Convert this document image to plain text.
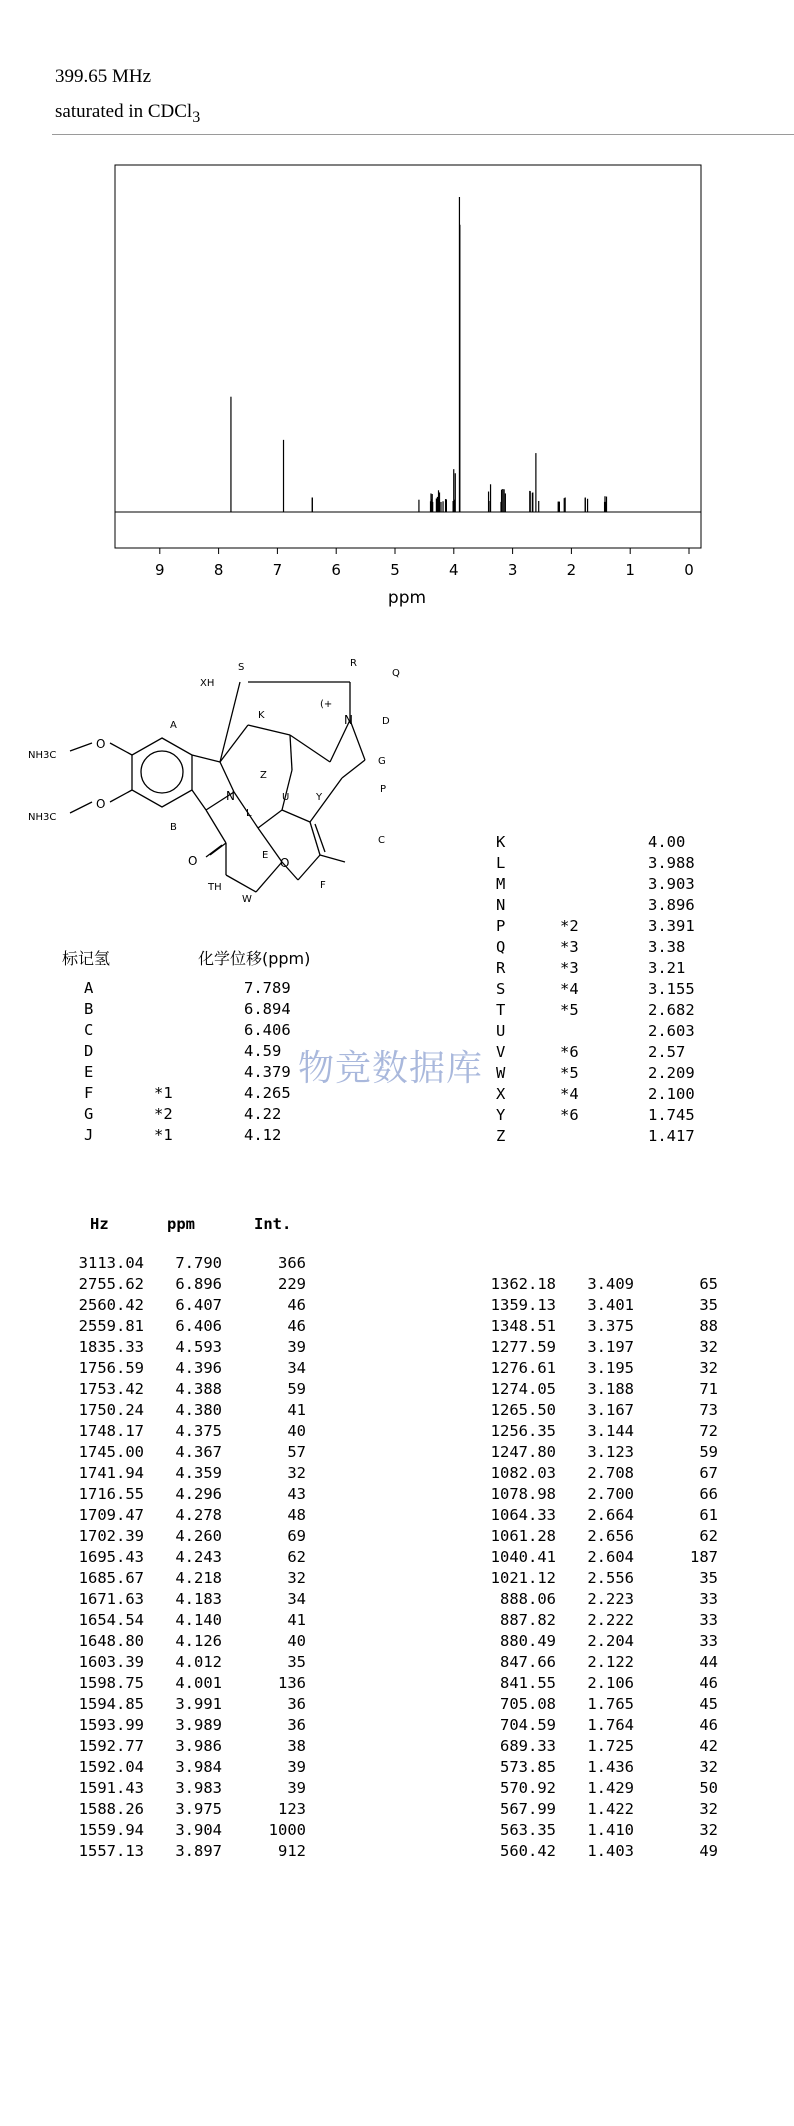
399.65 MHz
saturated in CDCl$_3$
9	8	7	6	5	4	3	2	1	0
ppm
NH3C
NH3C
O
O
N
O	O
N
(+
XH
TH
A
B
S	R
Q
D
K
G
P
Y
Z
U
L
E
W
C
F
标记氢	化学位移(ppm)
A	7.789
B	6.894
C	6.406
D	4.59
E	4.379
F	*1	4.265
G	*2	4.22
J	*1	4.12
K	4.00
L	3.988
M	3.903
N	3.896
P	*2	3.391
Q	*3	3.38
R	*3	3.21
S	*4	3.155
T	*5	2.682
U	2.603
V	*6	2.57
W	*5	2.209
X	*4	2.100
Y	*6	1.745
Z	1.417
物竞数据库
Hz	ppm	Int.
3113.04	7.790	366
2755.62	6.896	229
2560.42	6.407	46
2559.81	6.406	46
1835.33	4.593	39
1756.59	4.396	34
1753.42	4.388	59
1750.24	4.380	41
1748.17	4.375	40
1745.00	4.367	57
1741.94	4.359	32
1716.55	4.296	43
1709.47	4.278	48
1702.39	4.260	69
1695.43	4.243	62
1685.67	4.218	32
1671.63	4.183	34
1654.54	4.140	41
1648.80	4.126	40
1603.39	4.012	35
1598.75	4.001	136
1594.85	3.991	36
1593.99	3.989	36
1592.77	3.986	38
1592.04	3.984	39
1591.43	3.983	39
1588.26	3.975	123
1559.94	3.904	1000
1557.13	3.897	912
1362.18	3.409	65
1359.13	3.401	35
1348.51	3.375	88
1277.59	3.197	32
1276.61	3.195	32
1274.05	3.188	71
1265.50	3.167	73
1256.35	3.144	72
1247.80	3.123	59
1082.03	2.708	67
1078.98	2.700	66
1064.33	2.664	61
1061.28	2.656	62
1040.41	2.604	187
1021.12	2.556	35
888.06	2.223	33
887.82	2.222	33
880.49	2.204	33
847.66	2.122	44
841.55	2.106	46
705.08	1.765	45
704.59	1.764	46
689.33	1.725	42
573.85	1.436	32
570.92	1.429	50
567.99	1.422	32
563.35	1.410	32
560.42	1.403	49
